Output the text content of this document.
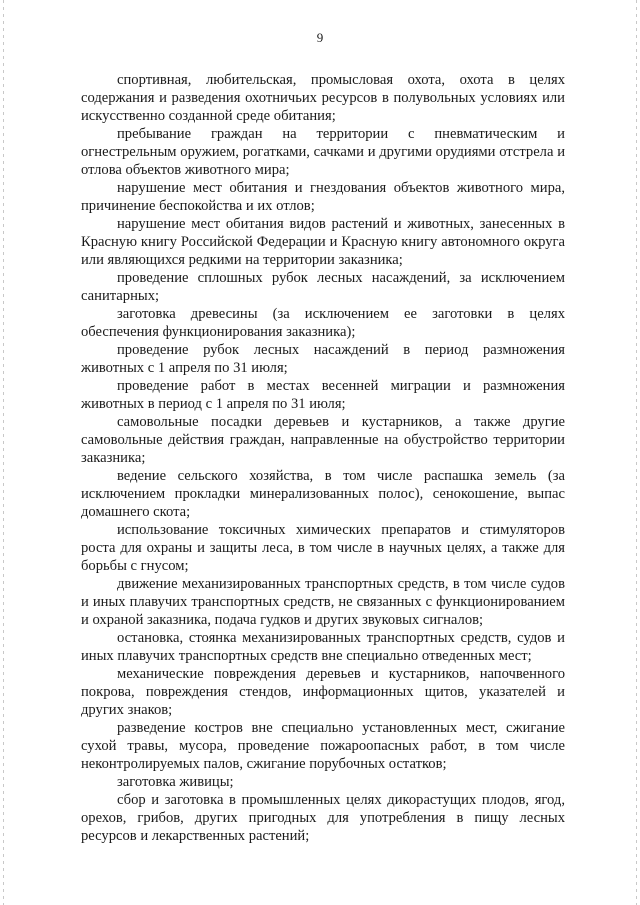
9

спортивная, любительская, промысловая охота, охота в целях содержания и разведения охотничьих ресурсов в полувольных условиях или искусственно созданной среде обитания;

пребывание граждан на территории с пневматическим и огнестрельным оружием, рогатками, сачками и другими орудиями отстрела и отлова объектов животного мира;

нарушение мест обитания и гнездования объектов животного мира, причинение беспокойства и их отлов;

нарушение мест обитания видов растений и животных, занесенных в Красную книгу Российской Федерации и Красную книгу автономного округа или являющихся редкими на территории заказника;

проведение сплошных рубок лесных насаждений, за исключением санитарных;

заготовка древесины (за исключением ее заготовки в целях обеспечения функционирования заказника);

проведение рубок лесных насаждений в период размножения животных с 1 апреля по 31 июля;

проведение работ в местах весенней миграции и размножения животных в период с 1 апреля по 31 июля;

самовольные посадки деревьев и кустарников, а также другие самовольные действия граждан, направленные на обустройство территории заказника;

ведение сельского хозяйства, в том числе распашка земель (за исключением прокладки минерализованных полос), сенокошение, выпас домашнего скота;

использование токсичных химических препаратов и стимуляторов роста для охраны и защиты леса, в том числе в научных целях, а также для борьбы с гнусом;

движение механизированных транспортных средств, в том числе судов и иных плавучих транспортных средств, не связанных с функционированием и охраной заказника, подача гудков и других звуковых сигналов;

остановка, стоянка механизированных транспортных средств, судов и иных плавучих транспортных средств вне специально отведенных мест;

механические повреждения деревьев и кустарников, напочвенного покрова, повреждения стендов, информационных щитов, указателей и других знаков;

разведение костров вне специально установленных мест, сжигание сухой травы, мусора, проведение пожароопасных работ, в том числе неконтролируемых палов, сжигание порубочных остатков;

заготовка живицы;

сбор и заготовка в промышленных целях дикорастущих плодов, ягод, орехов, грибов, других пригодных для употребления в пищу лесных ресурсов и лекарственных растений;
